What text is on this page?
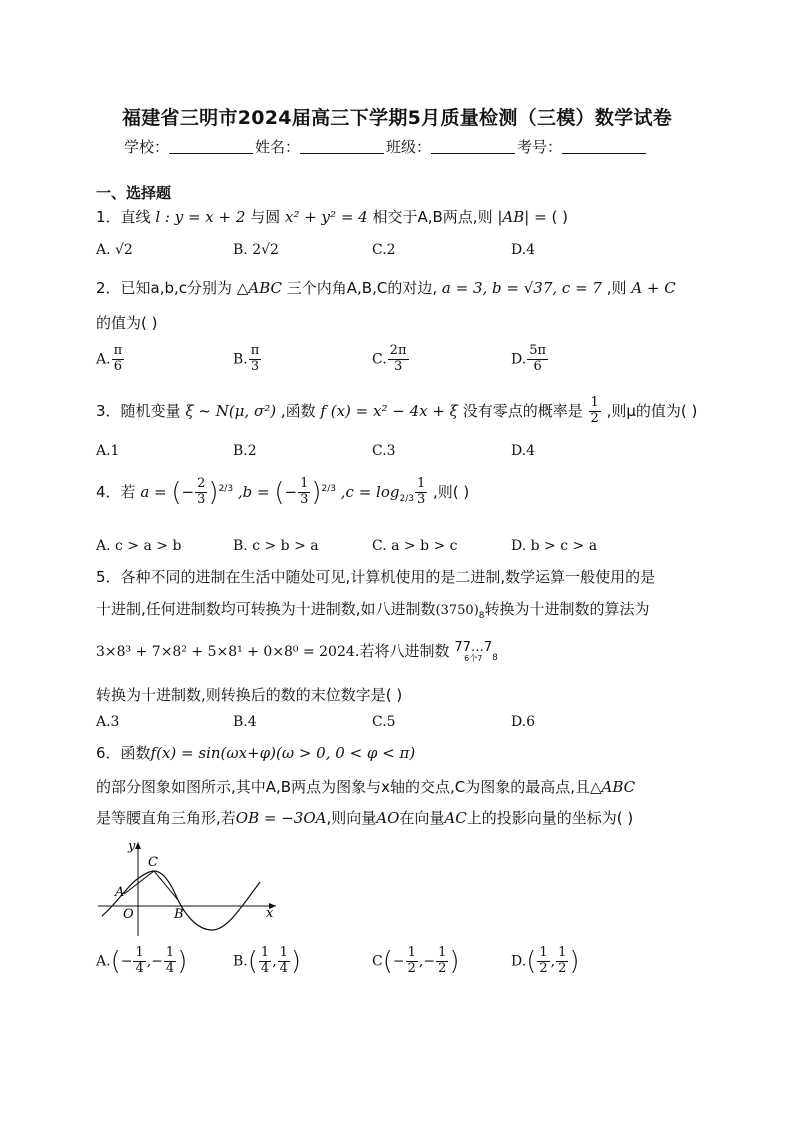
福建省三明市2024届高三下学期5月质量检测（三模）数学试卷
学校：	姓名：	班级：	考号：
一、选择题
1．直线 l : y = x + 2 与圆 x² + y² = 4 相交于A,B两点,则 |AB| = ( )
A. √2	B. 2√2	C.2	D.4
2．已知a,b,c分别为 △ABC 三个内角A,B,C的对边, a = 3, b = √37, c = 7 ,则 A + C
的值为( )
A. $\frac{\pi}{6}$	B. $\frac{\pi}{3}$	C. $\frac{2\pi}{3}$	D. $\frac{5\pi}{6}$
3．随机变量 ξ ~ N(μ, σ²) ,函数 f (x) = x² − 4x + ξ 没有零点的概率是 $\frac{1}{2}$ ,则μ的值为( )
A.1	B.2	C.3	D.4
4．若 a = (− $\frac{2}{3} )^{2/3}$ ,b = (− $\frac{1}{3} )^{2/3}$ $,c = \log_{2/3} \frac{1}{3}$ ,则( )
A. c > a > b	B. c > b > a	C. a > b > c	D. b > c > a
5．各种不同的进制在生活中随处可见,计算机使用的是二进制,数学运算一般使用的是
十进制,任何进制数均可转换为十进制数,如八进制数$(3750)_8$转换为十进制数的算法为
3×8³ + 7×8² + 5×8¹ + 0×8⁰ = 2024.若将八进制数 77…7
6个7	$_8$
转换为十进制数,则转换后的数的末位数字是( )
A.3	B.4	C.5	D.6
6．函数f(x) = sin(ωx+φ)(ω > 0, 0 < φ < π)
的部分图象如图所示,其中A,B两点为图象与x轴的交点,C为图象的最高点,且△ABC
是等腰直角三角形,若OB = −3OA,则向量AO在向量AC上的投影向量的坐标为( )
y
x
C
A
O	B
$A.(- \frac{1}{4}$ ,− $\frac{1}{4}$ )	$B.( \frac{1}{4}$ , $\frac{1}{4}$ )	$C(- \frac{1}{2}$ ,− $\frac{1}{2}$ )	$D.( \frac{1}{2}$ , $\frac{1}{2}$ )
